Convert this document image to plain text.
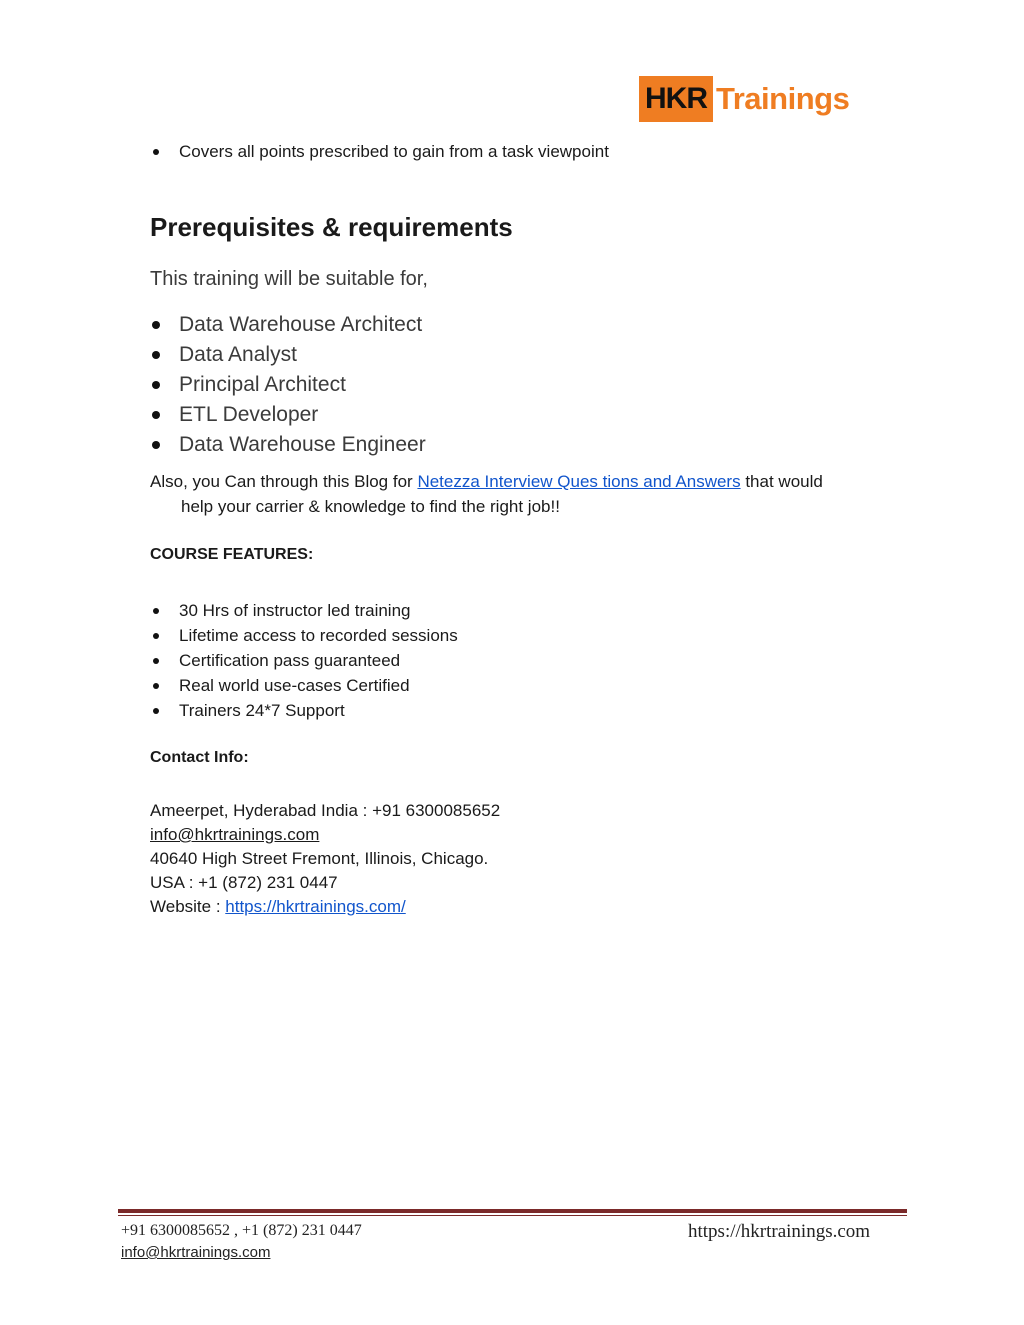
HKR Trainings
Covers all points prescribed to gain from a task viewpoint
Prerequisites & requirements
This training will be suitable for,
Data Warehouse Architect
Data Analyst
Principal Architect
ETL Developer
Data Warehouse Engineer
Also, you Can through this Blog for Netezza Interview Ques tions and Answers that would
help your carrier & knowledge to find the right job!!
COURSE FEATURES:
30 Hrs of instructor led training
Lifetime access to recorded sessions
Certification pass guaranteed
Real world use-cases Certified
Trainers 24*7 Support
Contact Info:
Ameerpet, Hyderabad India : +91 6300085652
info@hkrtrainings.com
40640 High Street Fremont, Illinois, Chicago.
USA : +1 (872) 231 0447
Website : https://hkrtrainings.com/
+91 6300085652 , +1 (872) 231 0447
info@hkrtrainings.com
https://hkrtrainings.com
